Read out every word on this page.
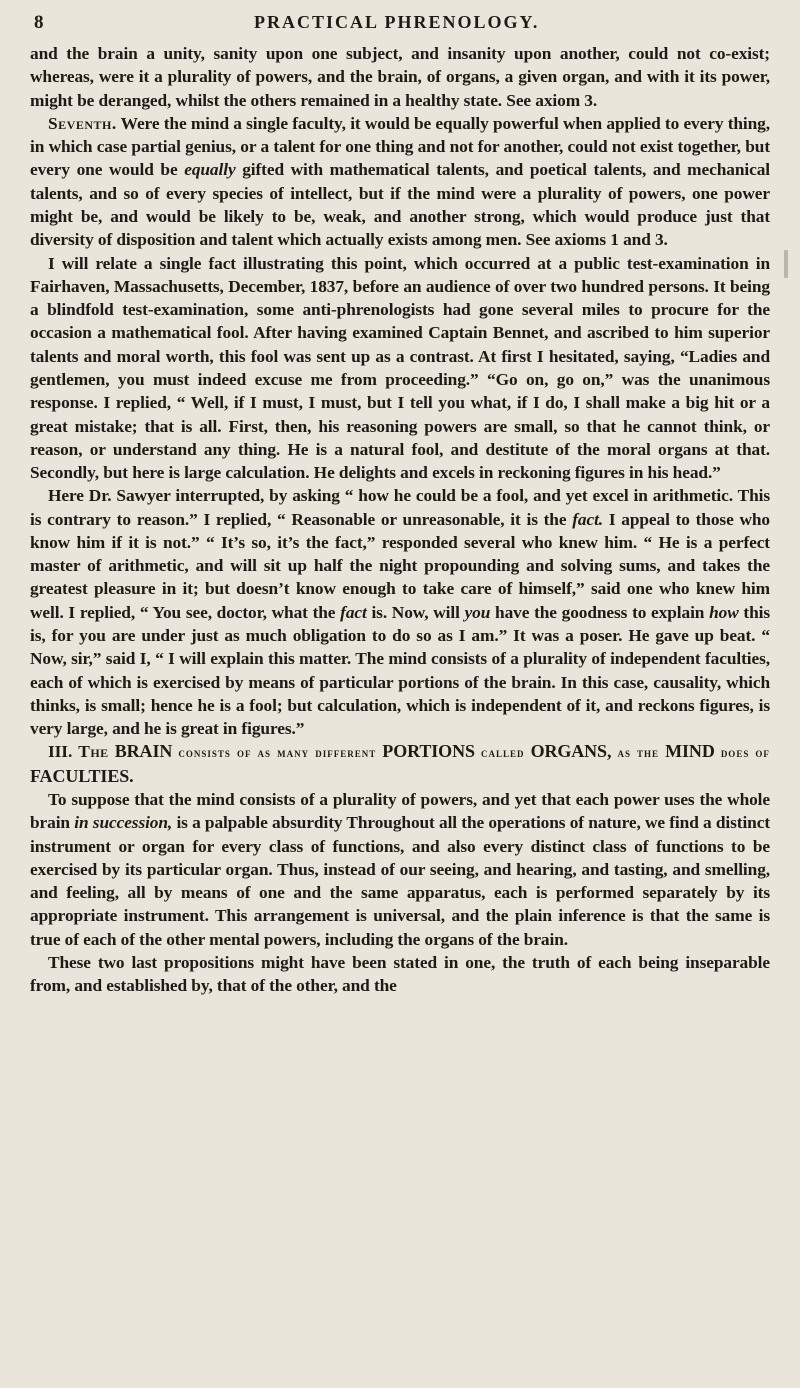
8	PRACTICAL PHRENOLOGY.

and the brain a unity, sanity upon one subject, and insanity upon another, could not co-exist; whereas, were it a plurality of powers, and the brain, of organs, a given organ, and with it its power, might be deranged, whilst the others remained in a healthy state. See axiom 3.

Seventh. Were the mind a single faculty, it would be equally powerful when applied to every thing, in which case partial genius, or a talent for one thing and not for another, could not exist together, but every one would be equally gifted with mathematical talents, and poetical talents, and mechanical talents, and so of every species of intellect, but if the mind were a plurality of powers, one power might be, and would be likely to be, weak, and another strong, which would produce just that diversity of disposition and talent which actually exists among men. See axioms 1 and 3.

I will relate a single fact illustrating this point, which occurred at a public test-examination in Fairhaven, Massachusetts, December, 1837, before an audience of over two hundred persons. It being a blindfold test-examination, some anti-phrenologists had gone several miles to procure for the occasion a mathematical fool. After having examined Captain Bennet, and ascribed to him superior talents and moral worth, this fool was sent up as a contrast. At first I hesitated, saying, “Ladies and gentlemen, you must indeed excuse me from proceeding.” “Go on, go on,” was the unanimous response. I replied, “ Well, if I must, I must, but I tell you what, if I do, I shall make a big hit or a great mistake; that is all. First, then, his reasoning powers are small, so that he cannot think, or reason, or understand any thing. He is a natural fool, and destitute of the moral organs at that. Secondly, but here is large calculation. He delights and excels in reckoning figures in his head.”

Here Dr. Sawyer interrupted, by asking “ how he could be a fool, and yet excel in arithmetic. This is contrary to reason.” I replied, “ Reasonable or unreasonable, it is the fact. I appeal to those who know him if it is not.” “ It’s so, it’s the fact,” responded several who knew him. “ He is a perfect master of arithmetic, and will sit up half the night propounding and solving sums, and takes the greatest pleasure in it; but doesn’t know enough to take care of himself,” said one who knew him well. I replied, “ You see, doctor, what the fact is. Now, will you have the goodness to explain how this is, for you are under just as much obligation to do so as I am.” It was a poser. He gave up beat. “ Now, sir,” said I, “ I will explain this matter. The mind consists of a plurality of independent faculties, each of which is exercised by means of particular portions of the brain. In this case, causality, which thinks, is small; hence he is a fool; but calculation, which is independent of it, and reckons figures, is very large, and he is great in figures.”

III. The BRAIN consists of as many different PORTIONS called ORGANS, as the MIND does of FACULTIES.

To suppose that the mind consists of a plurality of powers, and yet that each power uses the whole brain in succession, is a palpable absurdity Throughout all the operations of nature, we find a distinct instrument or organ for every class of functions, and also every distinct class of functions to be exercised by its particular organ. Thus, instead of our seeing, and hearing, and tasting, and smelling, and feeling, all by means of one and the same apparatus, each is performed separately by its appropriate instrument. This arrangement is universal, and the plain inference is that the same is true of each of the other mental powers, including the organs of the brain.

These two last propositions might have been stated in one, the truth of each being inseparable from, and established by, that of the other, and the
